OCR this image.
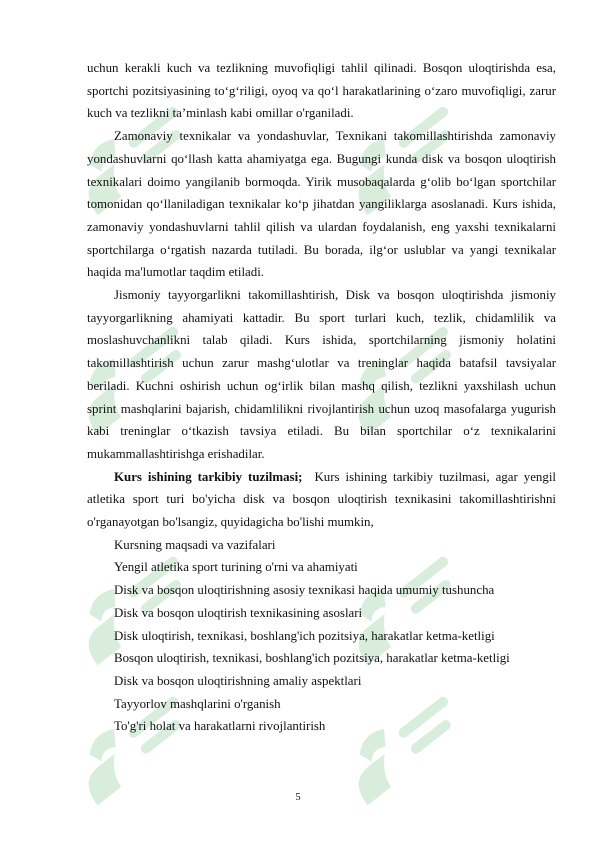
uchun kerakli kuch va tezlikning muvofiqligi tahlil qilinadi. Bosqon uloqtirishda esa, sportchi pozitsiyasining to‘g‘riligi, oyoq va qo‘l harakatlarining o‘zaro muvofiqligi, zarur kuch va tezlikni ta’minlash kabi omillar o'rganiladi.

Zamonaviy texnikalar va yondashuvlar, Texnikani takomillashtirishda zamonaviy yondashuvlarni qo‘llash katta ahamiyatga ega. Bugungi kunda disk va bosqon uloqtirish texnikalari doimo yangilanib bormoqda. Yirik musobaqalarda g‘olib bo‘lgan sportchilar tomonidan qo‘llaniladigan texnikalar ko‘p jihatdan yangiliklarga asoslanadi. Kurs ishida, zamonaviy yondashuvlarni tahlil qilish va ulardan foydalanish, eng yaxshi texnikalarni sportchilarga o‘rgatish nazarda tutiladi. Bu borada, ilg‘or uslublar va yangi texnikalar haqida ma'lumotlar taqdim etiladi.

Jismoniy tayyorgarlikni takomillashtirish, Disk va bosqon uloqtirishda jismoniy tayyorgarlikning ahamiyati kattadir. Bu sport turlari kuch, tezlik, chidamlilik va moslashuvchanlikni talab qiladi. Kurs ishida, sportchilarning jismoniy holatini takomillashtirish uchun zarur mashg‘ulotlar va treninglar haqida batafsil tavsiyalar beriladi. Kuchni oshirish uchun og‘irlik bilan mashq qilish, tezlikni yaxshilash uchun sprint mashqlarini bajarish, chidamlilikni rivojlantirish uchun uzoq masofalarga yugurish kabi treninglar o‘tkazish tavsiya etiladi. Bu bilan sportchilar o‘z texnikalarini mukammallashtirishga erishadilar.

Kurs ishining tarkibiy tuzilmasi; Kurs ishining tarkibiy tuzilmasi, agar yengil atletika sport turi bo'yicha disk va bosqon uloqtirish texnikasini takomillashtirishni o'rganayotgan bo'lsangiz, quyidagicha bo'lishi mumkin,

Kursning maqsadi va vazifalari
Yengil atletika sport turining o'rni va ahamiyati
Disk va bosqon uloqtirishning asosiy texnikasi haqida umumiy tushuncha
Disk va bosqon uloqtirish texnikasining asoslari
Disk uloqtirish, texnikasi, boshlang'ich pozitsiya, harakatlar ketma-ketligi
Bosqon uloqtirish, texnikasi, boshlang'ich pozitsiya, harakatlar ketma-ketligi
Disk va bosqon uloqtirishning amaliy aspektlari
Tayyorlov mashqlarini o'rganish
To'g'ri holat va harakatlarni rivojlantirish
5
